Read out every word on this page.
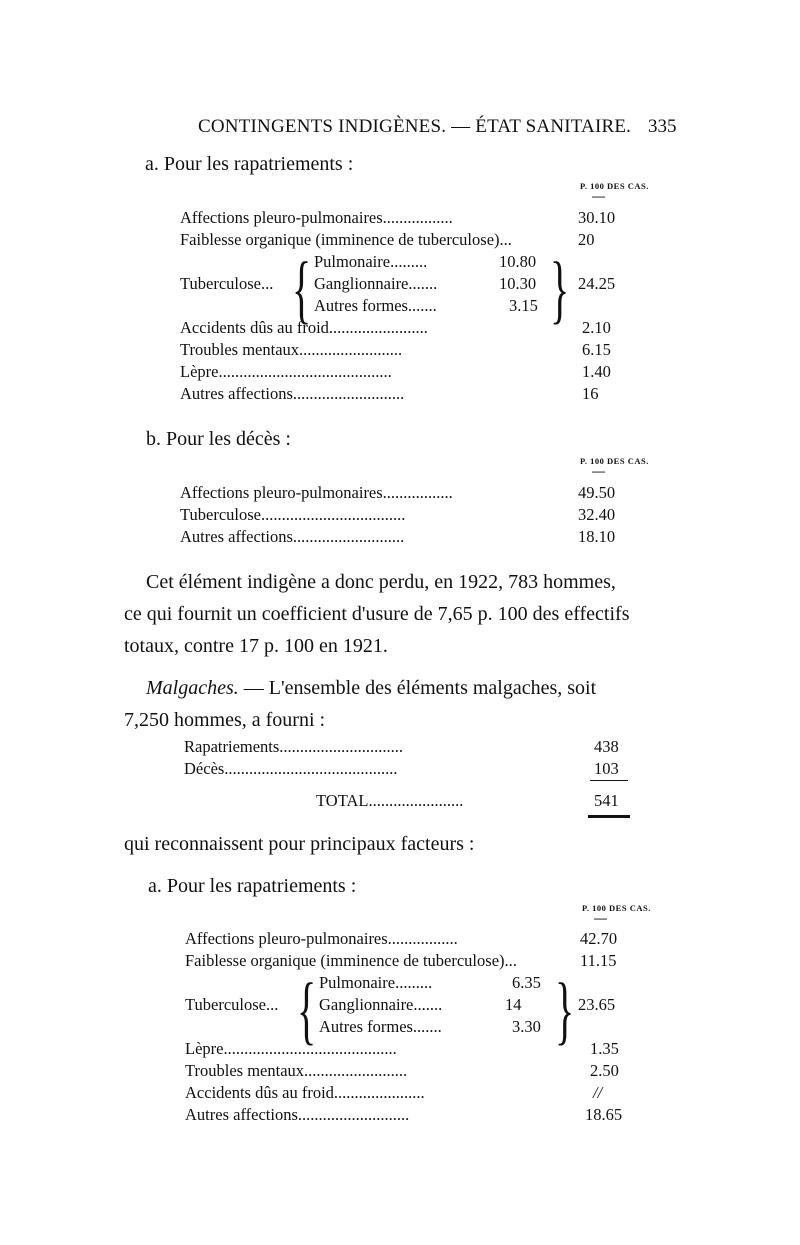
CONTINGENTS INDIGÈNES. — ÉTAT SANITAIRE. 335
a. Pour les rapatriements :
P. 100 DES CAS.
—
Affections pleuro-pulmonaires.................	30.10
Faiblesse organique (imminence de tuberculose)...	20
Tuberculose... { Pulmonaire.........	10.80
Ganglionnaire.......	10.30
Autres formes.......	3.15 } 24.25
Accidents dûs au froid........................	2.10
Troubles mentaux.........................	6.15
Lèpre..........................................	1.40
Autres affections...........................	16
b. Pour les décès :
P. 100 DES CAS.
—
Affections pleuro-pulmonaires.................	49.50
Tuberculose...................................	32.40
Autres affections...........................	18.10
Cet élément indigène a donc perdu, en 1922, 783 hommes,
ce qui fournit un coefficient d'usure de 7,65 p. 100 des effectifs
totaux, contre 17 p. 100 en 1921.
Malgaches. — L'ensemble des éléments malgaches, soit
7,250 hommes, a fourni :
Rapatriements..............................	438
Décès..........................................	103
TOTAL.......................	541
qui reconnaissent pour principaux facteurs :
a. Pour les rapatriements :
P. 100 DES CAS.
—
Affections pleuro-pulmonaires.................	42.70
Faiblesse organique (imminence de tuberculose)...	11.15
Tuberculose... { Pulmonaire.........	6.35
Ganglionnaire.......	14
Autres formes.......	3.30 } 23.65
Lèpre..........................................	1.35
Troubles mentaux.........................	2.50
Accidents dûs au froid......................	//
Autres affections...........................	18.65
